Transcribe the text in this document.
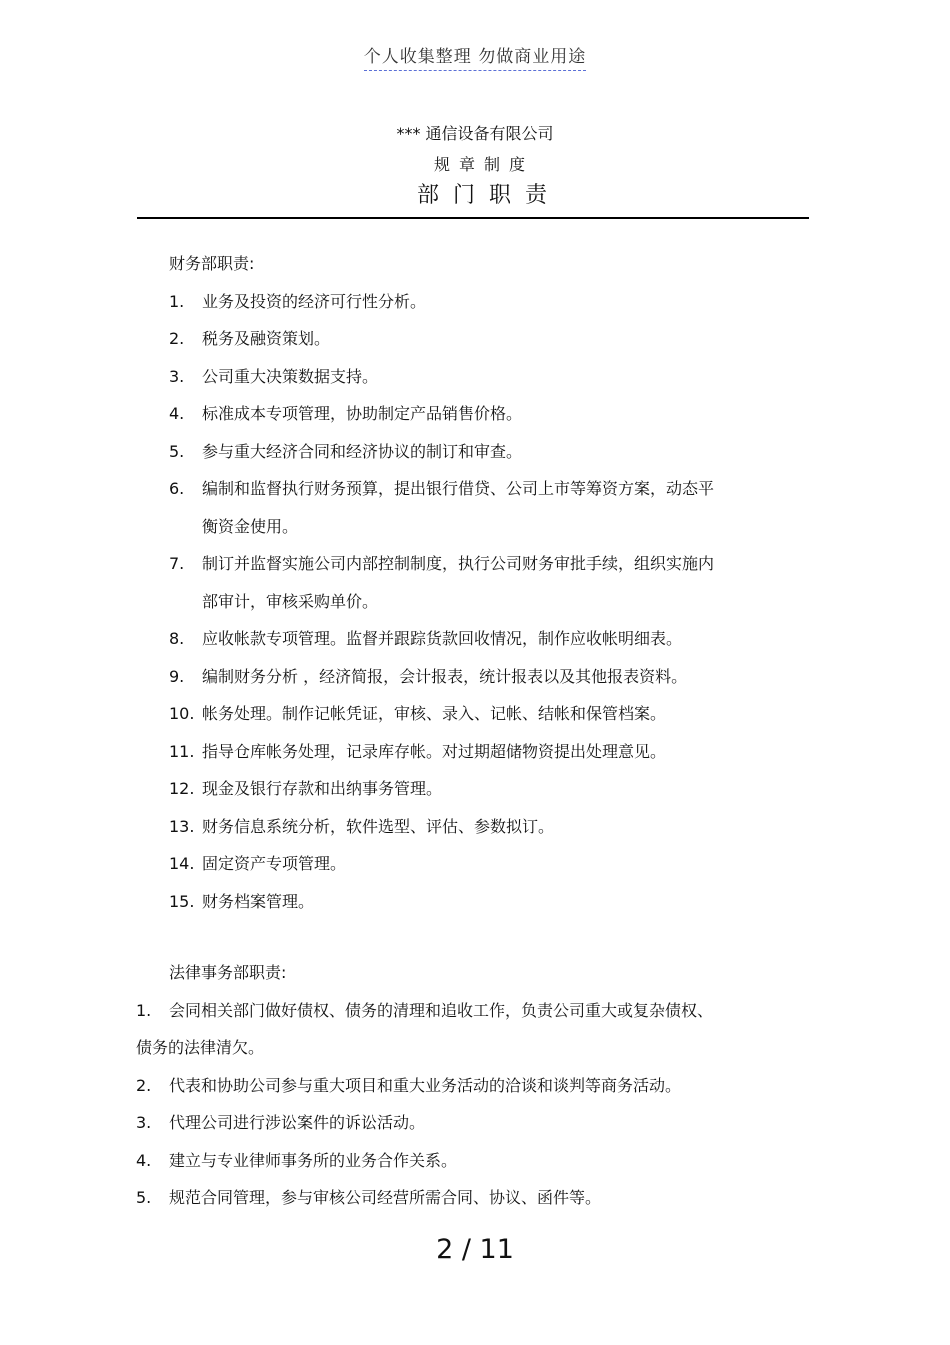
个人收集整理 勿做商业用途
*** 通信设备有限公司
规章制度
部门职责
财务部职责:
1. 业务及投资的经济可行性分析。
2. 税务及融资策划。
3. 公司重大决策数据支持。
4. 标准成本专项管理，协助制定产品销售价格。
5. 参与重大经济合同和经济协议的制订和审查。
6. 编制和监督执行财务预算，提出银行借贷、公司上市等筹资方案，动态平
衡资金使用。
7. 制订并监督实施公司内部控制制度，执行公司财务审批手续，组织实施内
部审计，审核采购单价。
8. 应收帐款专项管理。监督并跟踪货款回收情况，制作应收帐明细表。
9. 编制财务分析 ，经济简报，会计报表，统计报表以及其他报表资料。
10. 帐务处理。制作记帐凭证，审核、录入、记帐、结帐和保管档案。
11. 指导仓库帐务处理，记录库存帐。对过期超储物资提出处理意见。
12. 现金及银行存款和出纳事务管理。
13. 财务信息系统分析，软件选型、评估、参数拟订。
14. 固定资产专项管理。
15. 财务档案管理。
法律事务部职责:
1. 会同相关部门做好债权、债务的清理和追收工作，负责公司重大或复杂债权、
债务的法律清欠。
2. 代表和协助公司参与重大项目和重大业务活动的洽谈和谈判等商务活动。
3. 代理公司进行涉讼案件的诉讼活动。
4. 建立与专业律师事务所的业务合作关系。
5. 规范合同管理，参与审核公司经营所需合同、协议、函件等。
2 / 11
